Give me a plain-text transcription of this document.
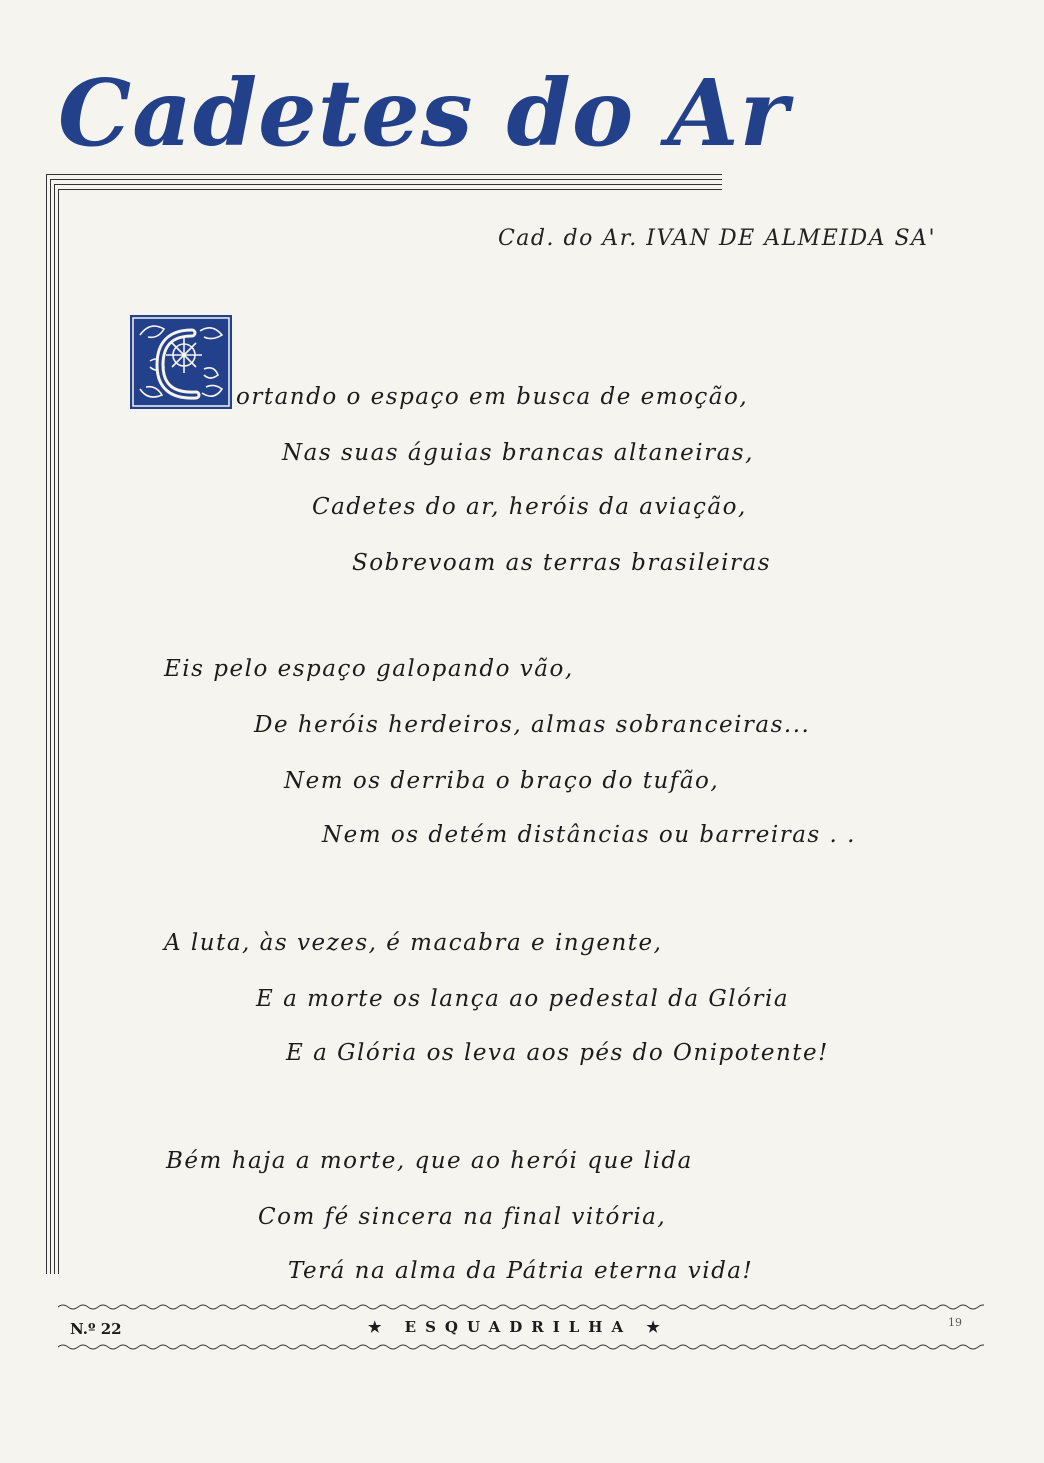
Cadetes do Ar
Cad. do Ar. IVAN DE ALMEIDA SA'
ortando o espaço em busca de emoção,
Nas suas águias brancas altaneiras,
Cadetes do ar, heróis da aviação,
Sobrevoam as terras brasileiras
Eis pelo espaço galopando vão,
De heróis herdeiros, almas sobranceiras...
Nem os derriba o braço do tufão,
Nem os detém distâncias ou barreiras . .
A luta, às vezes, é macabra e ingente,
E a morte os lança ao pedestal da Glória
E a Glória os leva aos pés do Onipotente!
Bém haja a morte, que ao herói que lida
Com fé sincera na final vitória,
Terá na alma da Pátria eterna vida!
N.º 22	★ ESQUADRILHA ★	19
